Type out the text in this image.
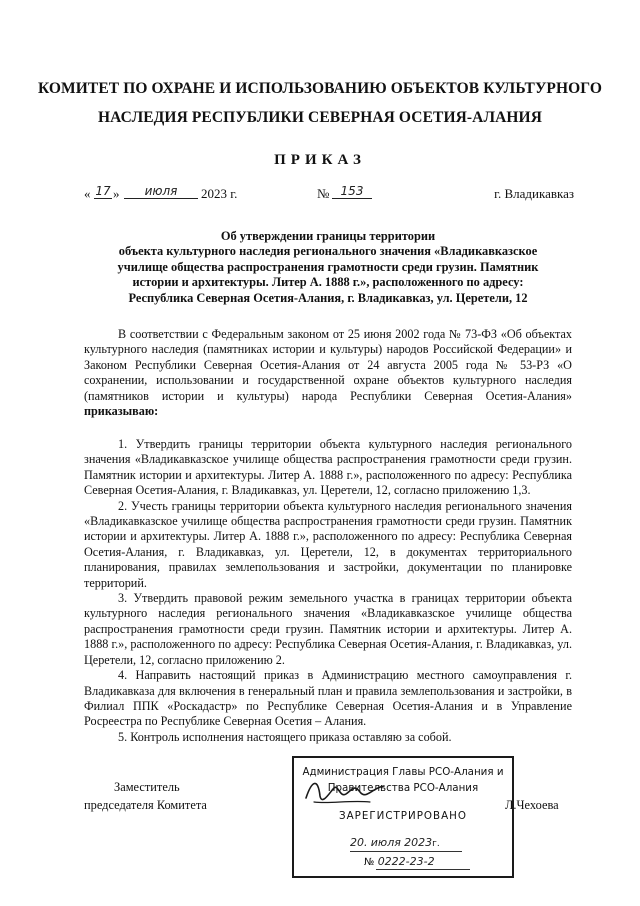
КОМИТЕТ ПО ОХРАНЕ И ИСПОЛЬЗОВАНИЮ ОБЪЕКТОВ КУЛЬТУРНОГО
НАСЛЕДИЯ РЕСПУБЛИКИ СЕВЕРНАЯ ОСЕТИЯ-АЛАНИЯ
ПРИКАЗ
« 17 »	июля	2023 г.	№ 153	г. Владикавказ
Об утверждении границы территории
объекта культурного наследия регионального значения «Владикавказское
училище общества распространения грамотности среди грузин. Памятник
истории и архитектуры. Литер А. 1888 г.», расположенного по адресу:
Республика Северная Осетия-Алания, г. Владикавказ, ул. Церетели, 12

В соответствии с Федеральным законом от 25 июня 2002 года № 73-ФЗ «Об объектах культурного наследия (памятниках истории и культуры) народов Российской Федерации» и Законом Республики Северная Осетия-Алания от 24 августа 2005 года № 53-РЗ «О сохранении, использовании и государственной охране объектов культурного наследия (памятников истории и культуры) народа Республики Северная Осетия-Алания» приказываю:

1. Утвердить границы территории объекта культурного наследия регионального значения «Владикавказское училище общества распространения грамотности среди грузин. Памятник истории и архитектуры. Литер А. 1888 г.», расположенного по адресу: Республика Северная Осетия-Алания, г. Владикавказ, ул. Церетели, 12, согласно приложению 1,3.

2. Учесть границы территории объекта культурного наследия регионального значения «Владикавказское училище общества распространения грамотности среди грузин. Памятник истории и архитектуры. Литер А. 1888 г.», расположенного по адресу: Республика Северная Осетия-Алания, г. Владикавказ, ул. Церетели, 12, в документах территориального планирования, правилах землепользования и застройки, документации по планировке территорий.

3. Утвердить правовой режим земельного участка в границах территории объекта культурного наследия регионального значения «Владикавказское училище общества распространения грамотности среди грузин. Памятник истории и архитектуры. Литер А. 1888 г.», расположенного по адресу: Республика Северная Осетия-Алания, г. Владикавказ, ул. Церетели, 12, согласно приложению 2.

4. Направить настоящий приказ в Администрацию местного самоуправления г. Владикавказа для включения в генеральный план и правила землепользования и застройки, в Филиал ППК «Роскадастр» по Республике Северная Осетия-Алания и в Управление Росреестра по Республике Северная Осетия – Алания.

5. Контроль исполнения настоящего приказа оставляю за собой.

Заместитель
председателя Комитета	Л.Чехоева
Администрация Главы РСО-Алания и
Правительства РСО-Алания
ЗАРЕГИСТРИРОВАНО
20. июля 2023г.
№ 0222-23-2
